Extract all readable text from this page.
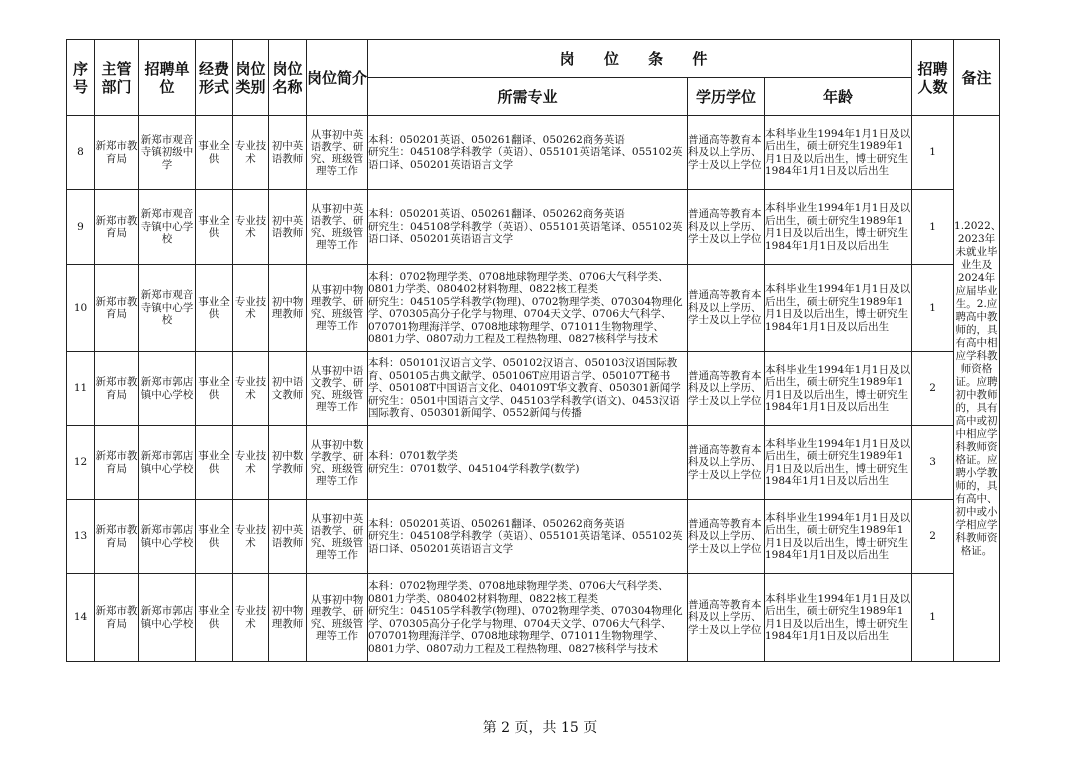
序号	主管部门	招聘单位	经费形式	岗位类别	岗位名称	岗位简介	岗 位 条 件			招聘人数	备注
							所需专业	学历学位	年龄		
8	新郑市教育局	新郑市观音寺镇初级中学	事业全供	专业技术	初中英语教师	从事初中英语教学、研究、班级管理等工作	本科：050201英语、050261翻译、050262商务英语
研究生：045108学科教学（英语）、055101英语笔译、055102英语口译、050201英语语言文学	普通高等教育本科及以上学历、学士及以上学位	本科毕业生1994年1月1日及以后出生，硕士研究生1989年1月1日及以后出生，博士研究生1984年1月1日及以后出生	1	1.2022、2023年未就业毕业生及2024年应届毕业生。2.应聘高中教师的，具有高中相应学科教师资格证。应聘初中教师的，具有高中或初中相应学科教师资格证。应聘小学教师的，具有高中、初中或小学相应学科教师资格证。
9	新郑市教育局	新郑市观音寺镇中心学校	事业全供	专业技术	初中英语教师	从事初中英语教学、研究、班级管理等工作	本科：050201英语、050261翻译、050262商务英语
研究生：045108学科教学（英语）、055101英语笔译、055102英语口译、050201英语语言文学	普通高等教育本科及以上学历、学士及以上学位	本科毕业生1994年1月1日及以后出生，硕士研究生1989年1月1日及以后出生，博士研究生1984年1月1日及以后出生	1	
10	新郑市教育局	新郑市观音寺镇中心学校	事业全供	专业技术	初中物理教师	从事初中物理教学、研究、班级管理等工作	本科：0702物理学类、0708地球物理学类、0706大气科学类、0801力学类、080402材料物理、0822核工程类
研究生：045105学科教学(物理)、0702物理学类、070304物理化学、070305高分子化学与物理、0704天文学、0706大气科学、070701物理海洋学、0708地球物理学、071011生物物理学、0801力学、0807动力工程及工程热物理、0827核科学与技术	普通高等教育本科及以上学历、学士及以上学位	本科毕业生1994年1月1日及以后出生，硕士研究生1989年1月1日及以后出生，博士研究生1984年1月1日及以后出生	1	
11	新郑市教育局	新郑市郭店镇中心学校	事业全供	专业技术	初中语文教师	从事初中语文教学、研究、班级管理等工作	本科：050101汉语言文学、050102汉语言、050103汉语国际教育、050105古典文献学、050106T应用语言学、050107T秘书学、050108T中国语言文化、040109T华文教育、050301新闻学
研究生：0501中国语言文学、045103学科教学(语文)、0453汉语国际教育、050301新闻学、0552新闻与传播	普通高等教育本科及以上学历、学士及以上学位	本科毕业生1994年1月1日及以后出生，硕士研究生1989年1月1日及以后出生，博士研究生1984年1月1日及以后出生	2	
12	新郑市教育局	新郑市郭店镇中心学校	事业全供	专业技术	初中数学教师	从事初中数学教学、研究、班级管理等工作	本科：0701数学类
研究生：0701数学、045104学科教学(数学)	普通高等教育本科及以上学历、学士及以上学位	本科毕业生1994年1月1日及以后出生，硕士研究生1989年1月1日及以后出生，博士研究生1984年1月1日及以后出生	3	
13	新郑市教育局	新郑市郭店镇中心学校	事业全供	专业技术	初中英语教师	从事初中英语教学、研究、班级管理等工作	本科：050201英语、050261翻译、050262商务英语
研究生：045108学科教学（英语）、055101英语笔译、055102英语口译、050201英语语言文学	普通高等教育本科及以上学历、学士及以上学位	本科毕业生1994年1月1日及以后出生，硕士研究生1989年1月1日及以后出生，博士研究生1984年1月1日及以后出生	2	
14	新郑市教育局	新郑市郭店镇中心学校	事业全供	专业技术	初中物理教师	从事初中物理教学、研究、班级管理等工作	本科：0702物理学类、0708地球物理学类、0706大气科学类、0801力学类、080402材料物理、0822核工程类
研究生：045105学科教学(物理)、0702物理学类、070304物理化学、070305高分子化学与物理、0704天文学、0706大气科学、070701物理海洋学、0708地球物理学、071011生物物理学、0801力学、0807动力工程及工程热物理、0827核科学与技术	普通高等教育本科及以上学历、学士及以上学位	本科毕业生1994年1月1日及以后出生，硕士研究生1989年1月1日及以后出生，博士研究生1984年1月1日及以后出生	1	
第 2 页，共 15 页
